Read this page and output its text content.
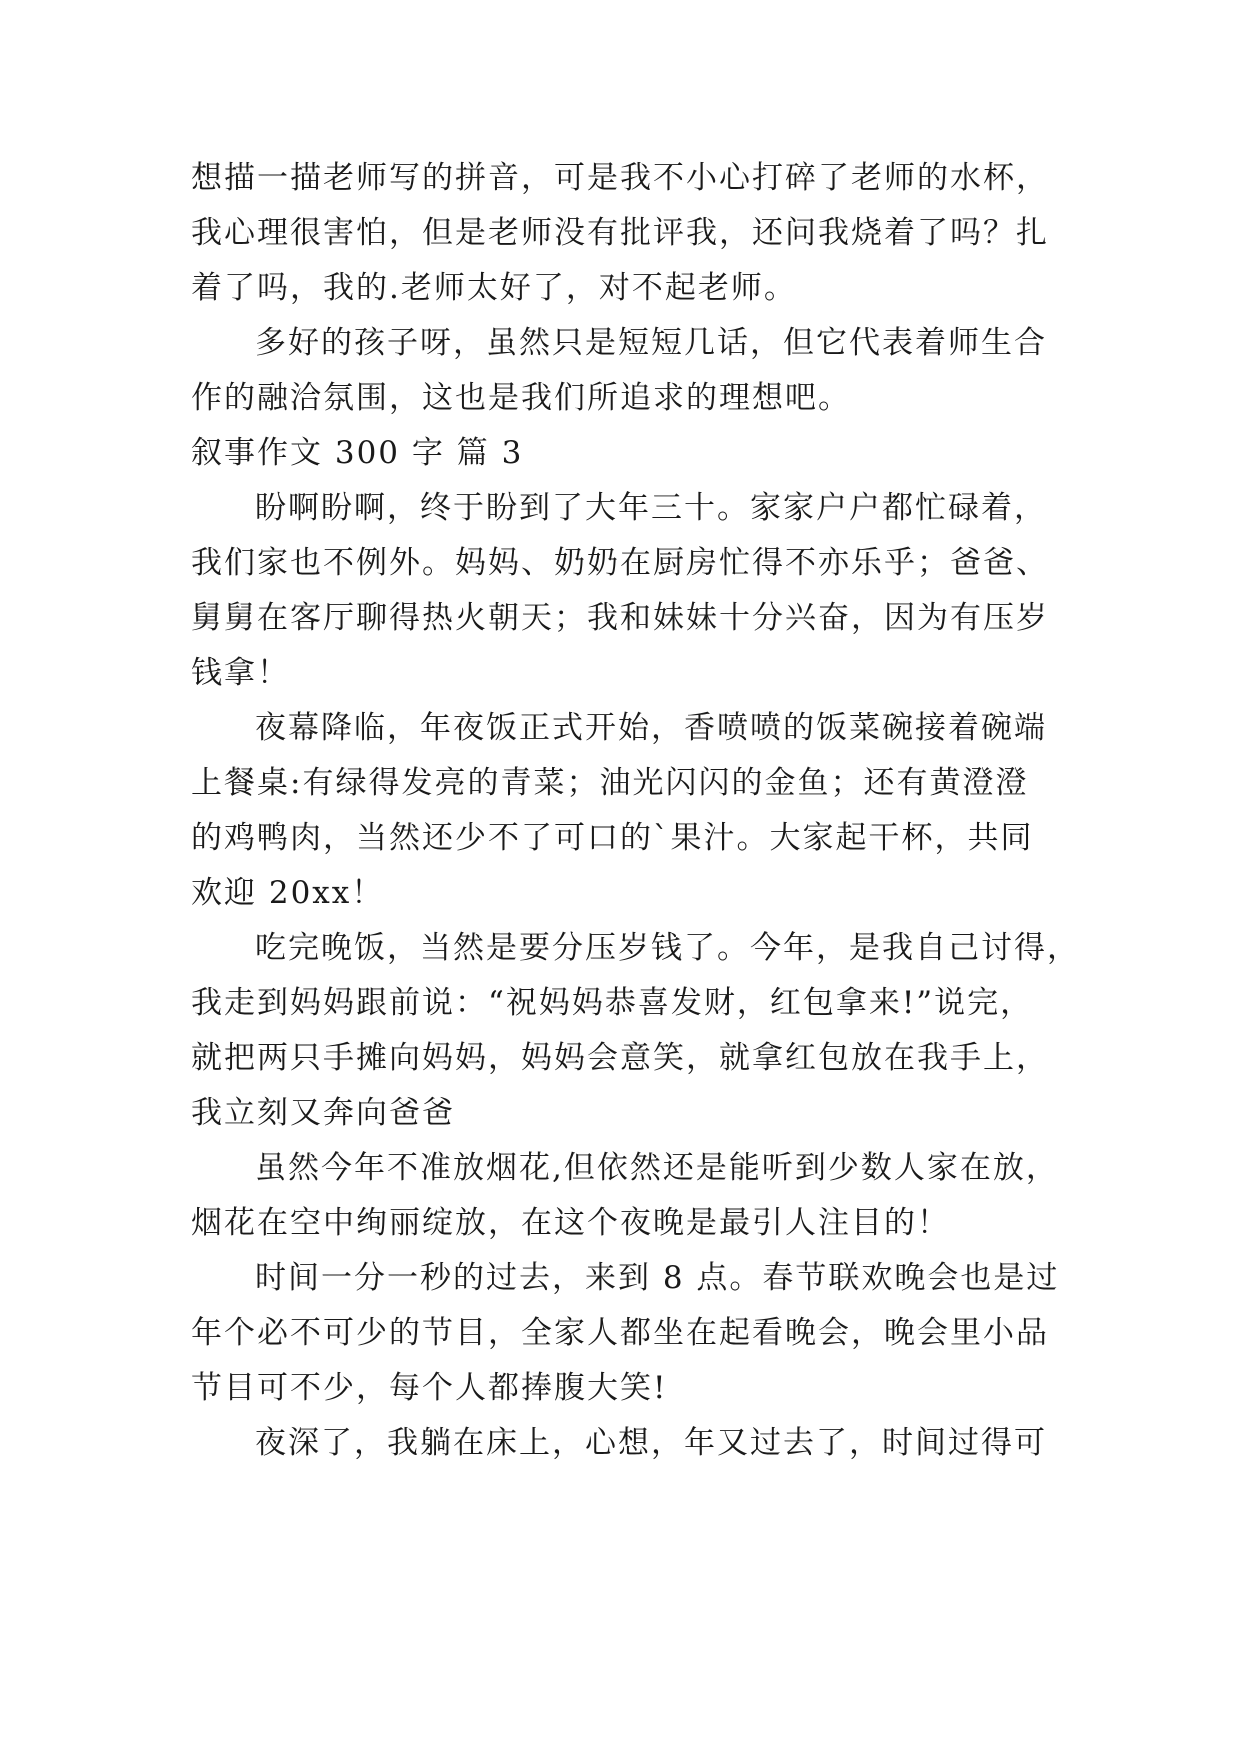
想描一描老师写的拼音，可是我不小心打碎了老师的水杯，
我心理很害怕，但是老师没有批评我，还问我烧着了吗？扎
着了吗，我的.老师太好了，对不起老师。
多好的孩子呀，虽然只是短短几话，但它代表着师生合
作的融洽氛围，这也是我们所追求的理想吧。
叙事作文 300 字 篇 3
盼啊盼啊，终于盼到了大年三十。家家户户都忙碌着，
我们家也不例外。妈妈、奶奶在厨房忙得不亦乐乎；爸爸、
舅舅在客厅聊得热火朝天；我和妹妹十分兴奋，因为有压岁
钱拿！
夜幕降临，年夜饭正式开始，香喷喷的饭菜碗接着碗端
上餐桌:有绿得发亮的青菜；油光闪闪的金鱼；还有黄澄澄
的鸡鸭肉，当然还少不了可口的`果汁。大家起干杯，共同
欢迎 20xx！
吃完晚饭，当然是要分压岁钱了。今年，是我自己讨得，
我走到妈妈跟前说：“祝妈妈恭喜发财，红包拿来!”说完，
就把两只手摊向妈妈，妈妈会意笑，就拿红包放在我手上，
我立刻又奔向爸爸
虽然今年不准放烟花,但依然还是能听到少数人家在放，
烟花在空中绚丽绽放，在这个夜晚是最引人注目的！
时间一分一秒的过去，来到 8 点。春节联欢晚会也是过
年个必不可少的节目，全家人都坐在起看晚会，晚会里小品
节目可不少，每个人都捧腹大笑!
夜深了，我躺在床上，心想，年又过去了，时间过得可
